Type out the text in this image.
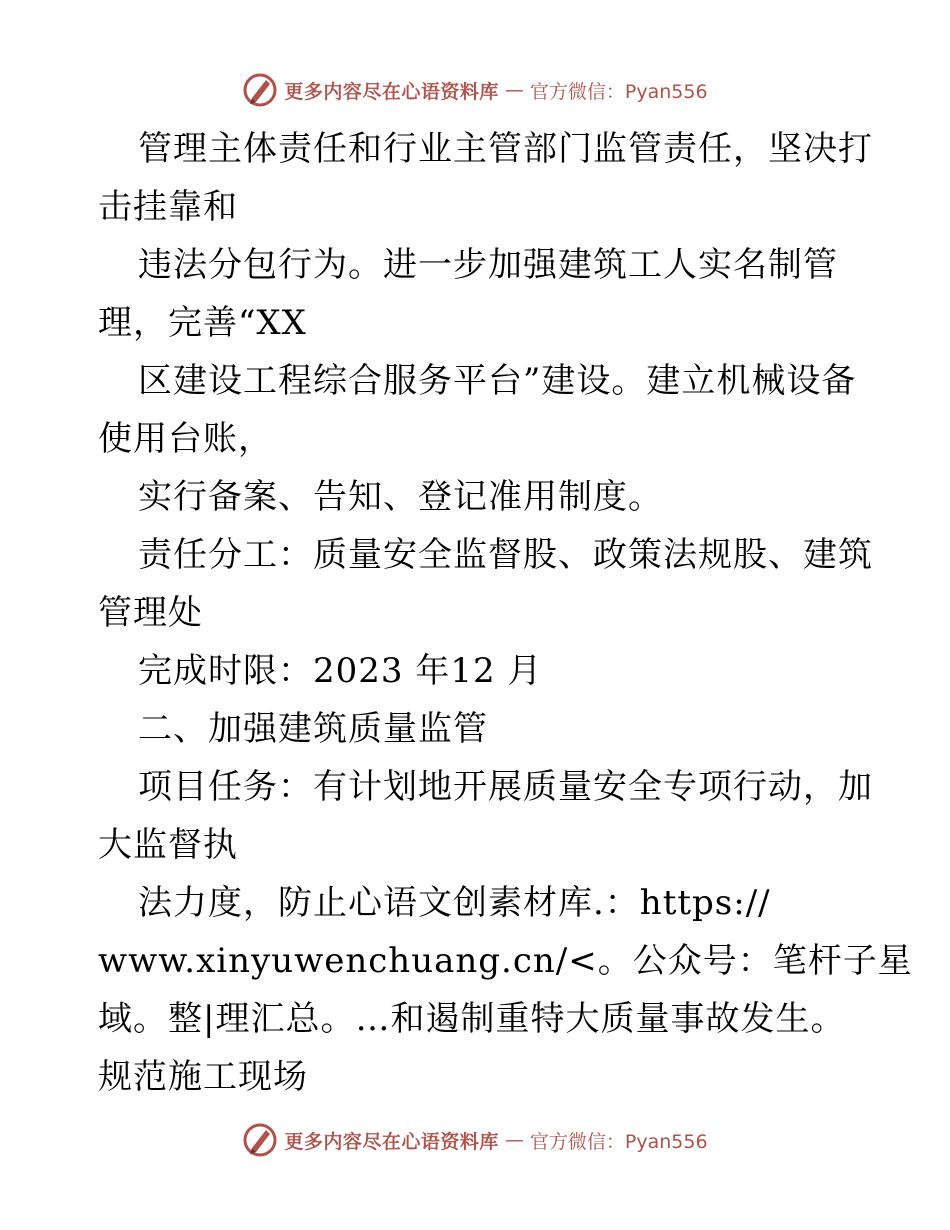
更多内容尽在心语资料库 — 官方微信：Pyan556
管理主体责任和行业主管部门监管责任，坚决打
击挂靠和
违法分包行为。进一步加强建筑工人实名制管
理，完善“XX
区建设工程综合服务平台”建设。建立机械设备
使用台账，
实行备案、告知、登记准用制度。
责任分工：质量安全监督股、政策法规股、建筑
管理处
完成时限：2023 年12 月
二、加强建筑质量监管
项目任务：有计划地开展质量安全专项行动，加
大监督执
法力度，防止心语文创素材库.：https://
www.xinyuwenchuang.cn/<。公众号：笔杆子星
域。整|理汇总。…和遏制重特大质量事故发生。
规范施工现场
更多内容尽在心语资料库 — 官方微信：Pyan556
